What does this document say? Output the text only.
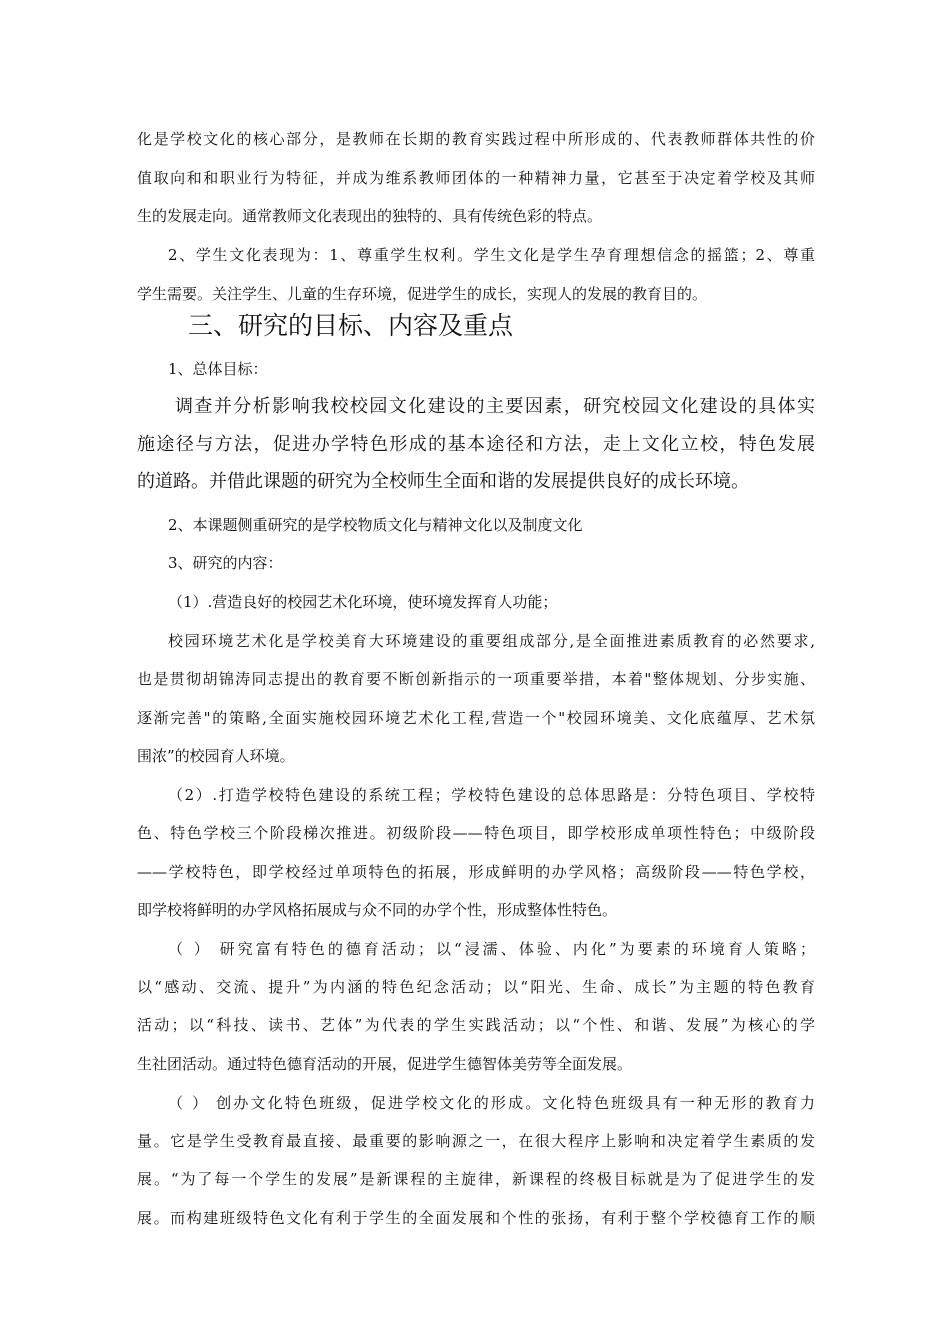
化是学校文化的核心部分，是教师在长期的教育实践过程中所形成的、代表教师群体共性的价
值取向和和职业行为特征，并成为维系教师团体的一种精神力量，它甚至于决定着学校及其师
生的发展走向。通常教师文化表现出的独特的、具有传统色彩的特点。
2、学生文化表现为：1、尊重学生权利。学生文化是学生孕育理想信念的摇篮；2、尊重
学生需要。关注学生、儿童的生存环境，促进学生的成长，实现人的发展的教育目的。
三、研究的目标、内容及重点
1、总体目标：
调查并分析影响我校校园文化建设的主要因素，研究校园文化建设的具体实
施途径与方法，促进办学特色形成的基本途径和方法，走上文化立校，特色发展
的道路。并借此课题的研究为全校师生全面和谐的发展提供良好的成长环境。
2、本课题侧重研究的是学校物质文化与精神文化以及制度文化
3、研究的内容：
（1）.营造良好的校园艺术化环境，使环境发挥育人功能；
校园环境艺术化是学校美育大环境建设的重要组成部分,是全面推进素质教育的必然要求,
也是贯彻胡锦涛同志提出的教育要不断创新指示的一项重要举措，本着"整体规划、分步实施、
逐渐完善"的策略,全面实施校园环境艺术化工程,营造一个"校园环境美、文化底蕴厚、艺术氛
围浓”的校园育人环境。
（2）.打造学校特色建设的系统工程；学校特色建设的总体思路是：分特色项目、学校特
色、特色学校三个阶段梯次推进。初级阶段——特色项目，即学校形成单项性特色；中级阶段
——学校特色，即学校经过单项特色的拓展，形成鲜明的办学风格；高级阶段——特色学校，
即学校将鲜明的办学风格拓展成与众不同的办学个性，形成整体性特色。
（ ） 研究富有特色的德育活动；以“浸濡、体验、内化”为要素的环境育人策略；
以“感动、交流、提升”为内涵的特色纪念活动；以“阳光、生命、成长”为主题的特色教育
活动；以“科技、读书、艺体”为代表的学生实践活动；以“个性、和谐、发展”为核心的学
生社团活动。通过特色德育活动的开展，促进学生德智体美劳等全面发展。
（ ） 创办文化特色班级，促进学校文化的形成。文化特色班级具有一种无形的教育力
量。它是学生受教育最直接、最重要的影响源之一，在很大程序上影响和决定着学生素质的发
展。“为了每一个学生的发展”是新课程的主旋律，新课程的终极目标就是为了促进学生的发
展。而构建班级特色文化有利于学生的全面发展和个性的张扬，有利于整个学校德育工作的顺
